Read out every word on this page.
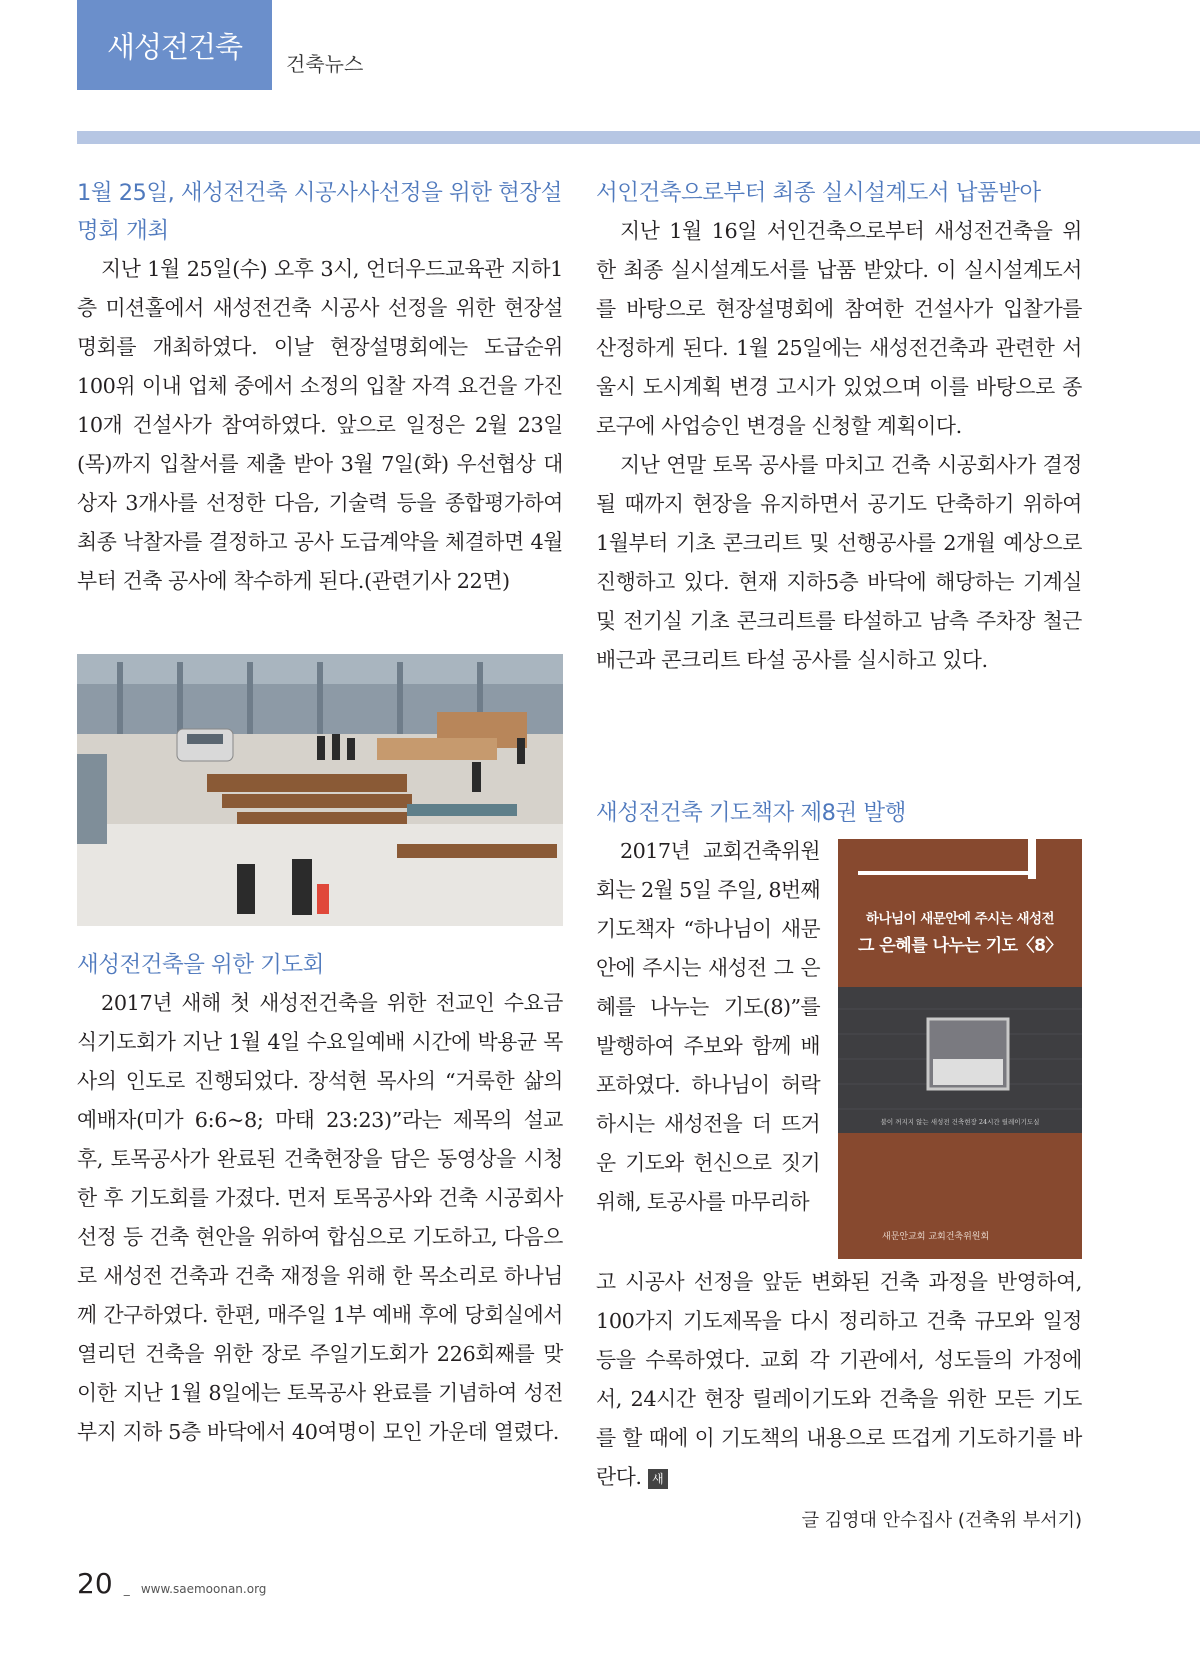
새성전건축
건축뉴스
1월 25일, 새성전건축 시공사사선정을 위한 현장설명회 개최

지난 1월 25일(수) 오후 3시, 언더우드교육관 지하1층 미션홀에서 새성전건축 시공사 선정을 위한 현장설명회를 개최하였다. 이날 현장설명회에는 도급순위 100위 이내 업체 중에서 소정의 입찰 자격 요건을 가진 10개 건설사가 참여하였다. 앞으로 일정은 2월 23일(목)까지 입찰서를 제출 받아 3월 7일(화) 우선협상 대상자 3개사를 선정한 다음, 기술력 등을 종합평가하여 최종 낙찰자를 결정하고 공사 도급계약을 체결하면 4월부터 건축 공사에 착수하게 된다.(관련기사 22면)

새성전건축을 위한 기도회

2017년 새해 첫 새성전건축을 위한 전교인 수요금식기도회가 지난 1월 4일 수요일예배 시간에 박용균 목사의 인도로 진행되었다. 장석현 목사의 “거룩한 삶의 예배자(미가 6:6~8; 마태 23:23)”라는 제목의 설교 후, 토목공사가 완료된 건축현장을 담은 동영상을 시청한 후 기도회를 가졌다. 먼저 토목공사와 건축 시공회사 선정 등 건축 현안을 위하여 합심으로 기도하고, 다음으로 새성전 건축과 건축 재정을 위해 한 목소리로 하나님께 간구하였다. 한편, 매주일 1부 예배 후에 당회실에서 열리던 건축을 위한 장로 주일기도회가 226회째를 맞이한 지난 1월 8일에는 토목공사 완료를 기념하여 성전부지 지하 5층 바닥에서 40여명이 모인 가운데 열렸다.

서인건축으로부터 최종 실시설계도서 납품받아

지난 1월 16일 서인건축으로부터 새성전건축을 위한 최종 실시설계도서를 납품 받았다. 이 실시설계도서를 바탕으로 현장설명회에 참여한 건설사가 입찰가를 산정하게 된다. 1월 25일에는 새성전건축과 관련한 서울시 도시계획 변경 고시가 있었으며 이를 바탕으로 종로구에 사업승인 변경을 신청할 계획이다.

지난 연말 토목 공사를 마치고 건축 시공회사가 결정될 때까지 현장을 유지하면서 공기도 단축하기 위하여 1월부터 기초 콘크리트 및 선행공사를 2개월 예상으로 진행하고 있다. 현재 지하5층 바닥에 해당하는 기계실 및 전기실 기초 콘크리트를 타설하고 남측 주차장 철근 배근과 콘크리트 타설 공사를 실시하고 있다.

새성전건축 기도책자 제8권 발행

2017년 교회건축위원회는 2월 5일 주일, 8번째 기도책자 “하나님이 새문안에 주시는 새성전 그 은혜를 나누는 기도(8)”를 발행하여 주보와 함께 배포하였다. 하나님이 허락하시는 새성전을 더 뜨거운 기도와 헌신으로 짓기 위해, 토공사를 마무리하

하나님이 새문안에 주시는 새성전
그 은혜를 나누는 기도〈8〉
불이 꺼지지 않는 새성전 건축현장 24시간 릴레이기도실
새문안교회 교회건축위원회

고 시공사 선정을 앞둔 변화된 건축 과정을 반영하여, 100가지 기도제목을 다시 정리하고 건축 규모와 일정 등을 수록하였다. 교회 각 기관에서, 성도들의 가정에서, 24시간 현장 릴레이기도와 건축을 위한 모든 기도를 할 때에 이 기도책의 내용으로 뜨겁게 기도하기를 바란다. 새

글 김영대 안수집사 (건축위 부서기)
20 _ www.saemoonan.org
